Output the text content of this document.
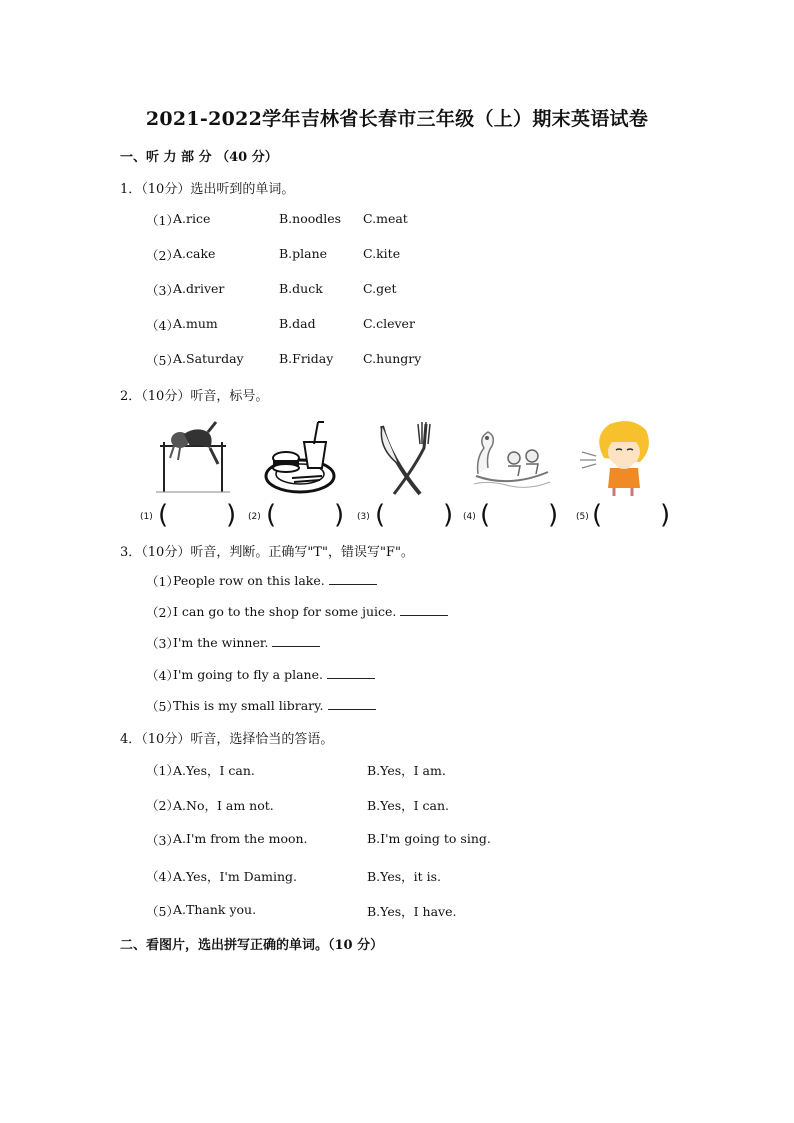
2021-2022学年吉林省长春市三年级（上）期末英语试卷
一、听 力 部 分 （40 分）
1．（10分）选出听到的单词。
（1）
A.rice	B.noodles C.meat
（2）
A.cake	B.plane	C.kite
（3）
A.driver	B.duck	C.get
（4）
A.mum	B.dad	C.clever
（5）
A.Saturday	B.Friday C.hungry
2．（10分）听音，标号。
(1) (       ) (2) (       ) (3) (       ) (4) (       ) (5) (       )
3．（10分）听音，判断。正确写"T"，错误写"F"。
（1）
People row on this lake.
（2）
I can go to the shop for some juice.
（3）
I'm the winner.
（4）
I'm going to fly a plane.
（5）
This is my small library.
4．（10分）听音，选择恰当的答语。
（1）
A.Yes，I can.	B.Yes，I am.
（2）
A.No，I am not.	B.Yes，I can.
（3）
A.I'm from the moon.	B.I'm going to sing.
（4）
A.Yes，I'm Daming.	B.Yes，it is.
（5）
A.Thank you.	B.Yes，I have.
二、看图片，选出拼写正确的单词。（10 分）
